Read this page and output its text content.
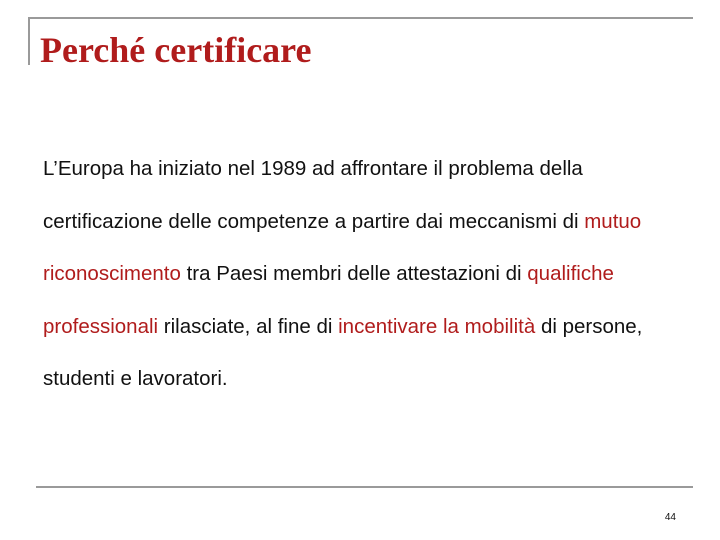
Perché certificare

L’Europa ha iniziato nel 1989 ad affrontare il problema della certificazione delle competenze a partire dai meccanismi di mutuo riconoscimento tra Paesi membri delle attestazioni di qualifiche professionali rilasciate, al fine di incentivare la mobilità di persone, studenti e lavoratori.

44
